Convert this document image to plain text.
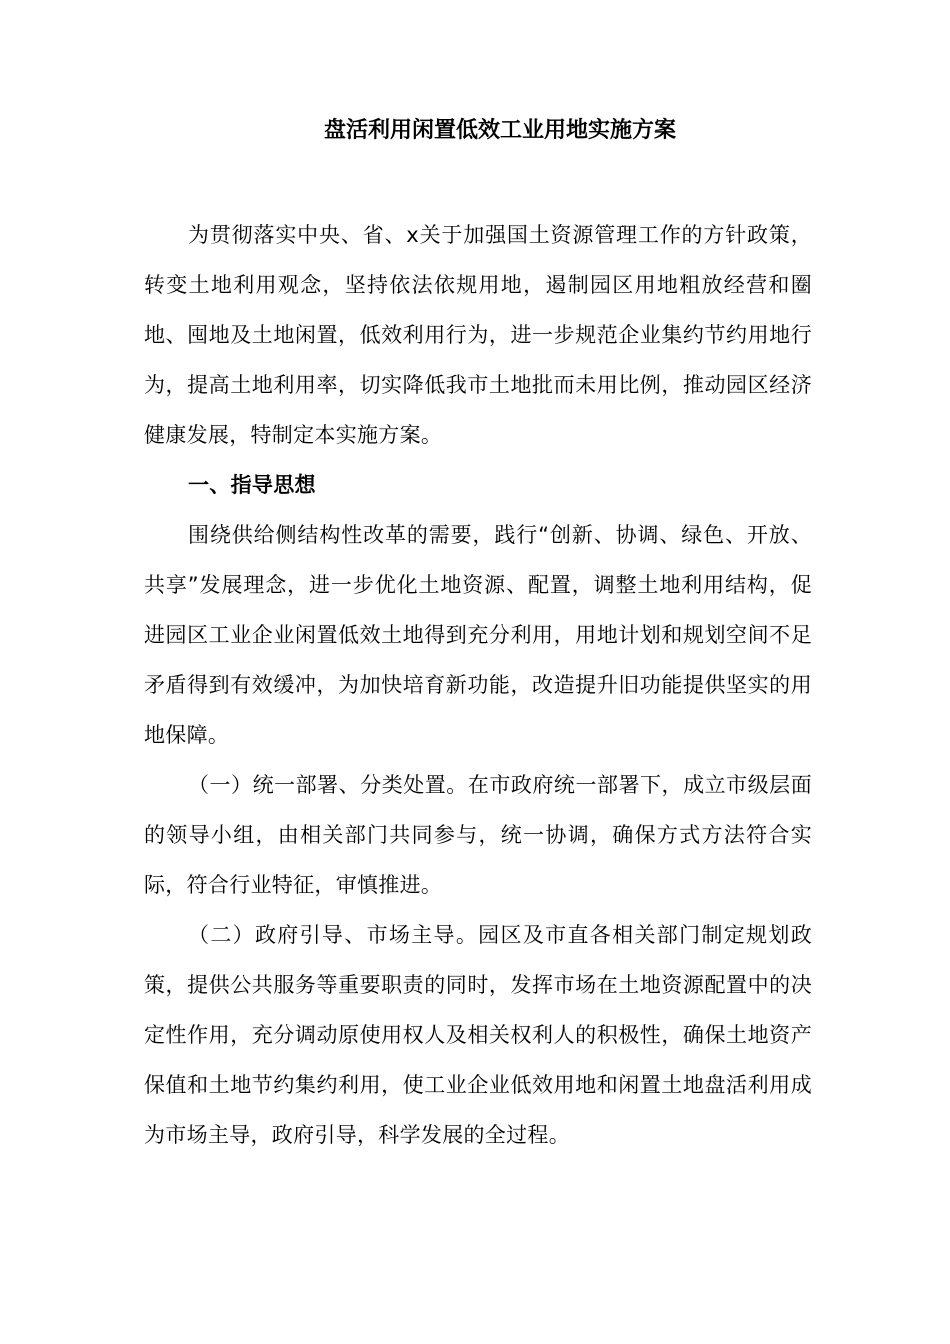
盘活利用闲置低效工业用地实施方案

为贯彻落实中央、省、x关于加强国土资源管理工作的方针政策，转变土地利用观念，坚持依法依规用地，遏制园区用地粗放经营和圈地、囤地及土地闲置，低效利用行为，进一步规范企业集约节约用地行为，提高土地利用率，切实降低我市土地批而未用比例，推动园区经济健康发展，特制定本实施方案。

一、指导思想

围绕供给侧结构性改革的需要，践行“创新、协调、绿色、开放、共享”发展理念，进一步优化土地资源、配置，调整土地利用结构，促进园区工业企业闲置低效土地得到充分利用，用地计划和规划空间不足矛盾得到有效缓冲，为加快培育新功能，改造提升旧功能提供坚实的用地保障。

（一）统一部署、分类处置。在市政府统一部署下，成立市级层面的领导小组，由相关部门共同参与，统一协调，确保方式方法符合实际，符合行业特征，审慎推进。

（二）政府引导、市场主导。园区及市直各相关部门制定规划政策，提供公共服务等重要职责的同时，发挥市场在土地资源配置中的决定性作用，充分调动原使用权人及相关权利人的积极性，确保土地资产保值和土地节约集约利用，使工业企业低效用地和闲置土地盘活利用成为市场主导，政府引导，科学发展的全过程。
